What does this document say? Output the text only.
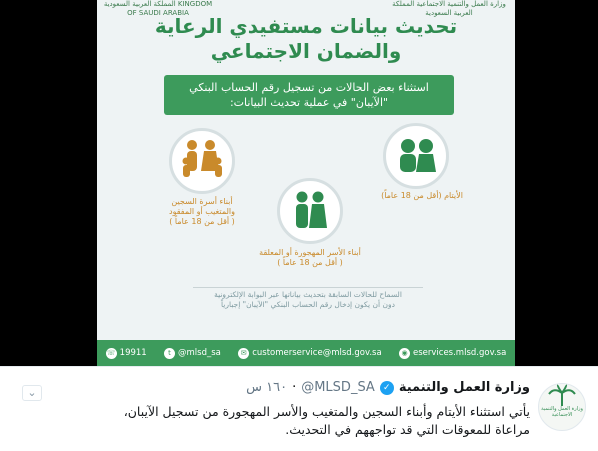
المملكة العربية السعودية KINGDOM OF SAUDI ARABIA
وزارة العمل والتنمية الاجتماعية المملكة العربية السعودية
تحديث بيانات مستفيدي الرعاية
والضمان الاجتماعي
استثناء بعض الحالات من تسجيل رقم الحساب البنكي
"الآيبان" في عملية تحديث البيانات:
أبناء أسرة السجين
والمتغيب أو المفقود
( أقل من 18 عاماً )
الأيتام (أقل من 18 عاماً)
أبناء الأسر المهجورة أو المعلقة
( أقل من 18 عاماً )
السماح للحالات السابقة بتحديث بياناتها عبر البوابة الإلكترونية
دون أن يكون إدخال رقم الحساب البنكي "الآيبان" إجبارياً
☏ 19911	t @mlsd_sa	✉ customerservice@mlsd.gov.sa	◉ eservices.mlsd.gov.sa
⌄
وزارة العمل والتنمية الاجتماعية
وزارة العمل والتنمية
✓
@MLSD_SA
·
١٦٠ س
يأتي استثناء الأيتام وأبناء السجين والمتغيب والأسر المهجورة من تسجيل الآيبان،
مراعاة للمعوقات التي قد تواجههم في التحديث.
